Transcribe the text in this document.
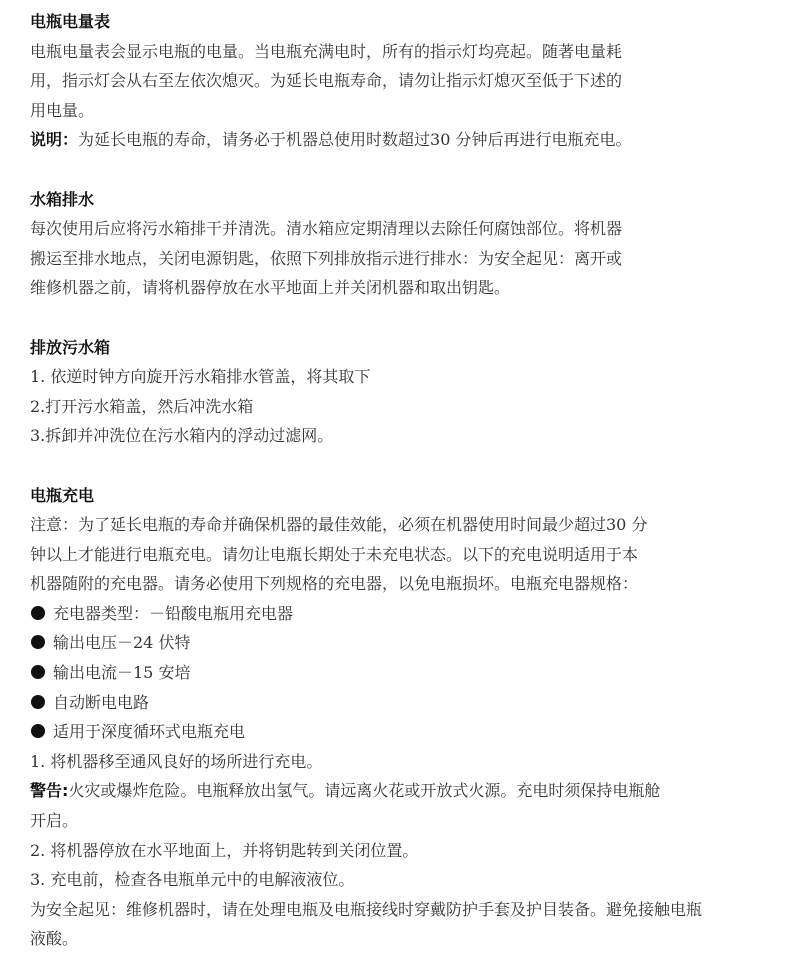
电瓶电量表
电瓶电量表会显示电瓶的电量。当电瓶充满电时，所有的指示灯均亮起。随著电量耗
用，指示灯会从右至左依次熄灭。为延长电瓶寿命，请勿让指示灯熄灭至低于下述的
用电量。
说明：为延长电瓶的寿命，请务必于机器总使用时数超过30 分钟后再进行电瓶充电。
水箱排水
每次使用后应将污水箱排干并清洗。清水箱应定期清理以去除任何腐蚀部位。将机器
搬运至排水地点，关闭电源钥匙，依照下列排放指示进行排水：为安全起见：离开或
维修机器之前，请将机器停放在水平地面上并关闭机器和取出钥匙。
排放污水箱
1. 依逆时钟方向旋开污水箱排水管盖，将其取下
2.打开污水箱盖，然后冲洗水箱
3.拆卸并冲洗位在污水箱内的浮动过滤网。
电瓶充电
注意：为了延长电瓶的寿命并确保机器的最佳效能，必须在机器使用时间最少超过30 分
钟以上才能进行电瓶充电。请勿让电瓶长期处于未充电状态。以下的充电说明适用于本
机器随附的充电器。请务必使用下列规格的充电器，以免电瓶损坏。电瓶充电器规格：
充电器类型：－铅酸电瓶用充电器
输出电压－24 伏特
输出电流－15 安培
自动断电电路
适用于深度循环式电瓶充电
1. 将机器移至通风良好的场所进行充电。
警告:火灾或爆炸危险。电瓶释放出氢气。请远离火花或开放式火源。充电时须保持电瓶舱
开启。
2. 将机器停放在水平地面上，并将钥匙转到关闭位置。
3. 充电前，检查各电瓶单元中的电解液液位。
为安全起见：维修机器时，请在处理电瓶及电瓶接线时穿戴防护手套及护目装备。避免接触电瓶
液酸。
